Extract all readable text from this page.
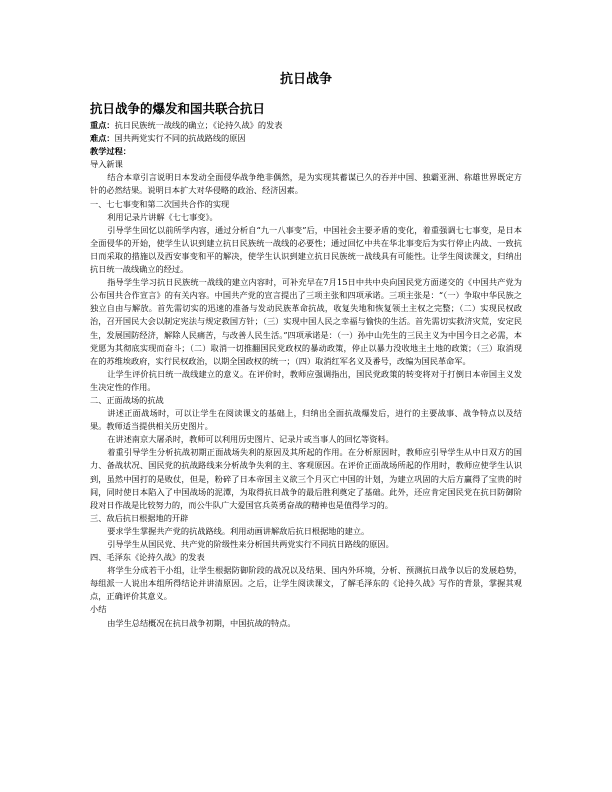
抗日战争
抗日战争的爆发和国共联合抗日

重点：抗日民族统一战线的确立；《论持久战》的发表

难点：国共两党实行不同的抗战路线的原因

教学过程：

导入新课

结合本章引言说明日本发动全面侵华战争绝非偶然，是为实现其蓄谋已久的吞并中国、独霸亚洲、称雄世界既定方针的必然结果。说明日本扩大对华侵略的政治、经济因素。

一、七七事变和第二次国共合作的实现

利用记录片讲解《七七事变》。

引导学生回忆以前所学内容，通过分析自“九一八事变”后，中国社会主要矛盾的变化，着重强调七七事变，是日本全面侵华的开始，使学生认识到建立抗日民族统一战线的必要性；通过回忆中共在华北事变后为实行停止内战、一致抗日而采取的措施以及西安事变和平的解决，使学生认识到建立抗日民族统一战线具有可能性。让学生阅读课文，归纳出抗日统一战线确立的经过。

指导学生学习抗日民族统一战线的建立内容时，可补充早在7月15日中共中央向国民党方面递交的《中国共产党为公布国共合作宣言》的有关内容。中国共产党的宣言提出了三项主张和四项承诺。三项主张是：“（一）争取中华民族之独立自由与解放。首先需切实的迅速的准备与发动民族革命抗战，收复失地和恢复领土主权之完整；（二）实现民权政治，召开国民大会以制定宪法与规定救国方针；（三）实现中国人民之幸福与愉快的生活。首先需切实救济灾荒，安定民生，发展国防经济，解除人民痛苦，与改善人民生活。”四项承诺是：（一）孙中山先生的三民主义为中国今日之必需，本党愿为其彻底实现而奋斗；（二）取消一切推翻国民党政权的暴动政策，停止以暴力没收地主土地的政策；（三）取消现在的苏维埃政府，实行民权政治，以期全国政权的统一；（四）取消红军名义及番号，改编为国民革命军。

让学生评价抗日统一战线建立的意义。在评价时，教师应强调指出，国民党政策的转变将对于打倒日本帝国主义发生决定性的作用。

二、正面战场的抗战

讲述正面战场时，可以让学生在阅读课文的基础上，归纳出全面抗战爆发后，进行的主要战事、战争特点以及结果。教师适当提供相关历史图片。

在讲述南京大屠杀时，教师可以利用历史图片、记录片或当事人的回忆等资料。

着重引导学生分析抗战初期正面战场失利的原因及其所起的作用。在分析原因时，教师应引导学生从中日双方的国力、备战状况、国民党的抗战路线来分析战争失利的主、客观原因。在评价正面战场所起的作用时，教师应使学生认识到，虽然中国打的是败仗，但是，粉碎了日本帝国主义欲三个月灭亡中国的计划，为建立巩固的大后方赢得了宝贵的时间，同时使日本陷入了中国战场的泥潭，为取得抗日战争的最后胜利奠定了基础。此外，还应肯定国民党在抗日防御阶段对日作战是比较努力的，而公牛队广大爱国官兵英勇奋战的精神也是值得学习的。

三、敌后抗日根据地的开辟

要求学生掌握共产党的抗战路线。利用动画讲解敌后抗日根据地的建立。

引导学生从国民党、共产党的阶级性来分析国共两党实行不同抗日路线的原因。

四、毛泽东《论持久战》的发表

将学生分成若干小组，让学生根据防御阶段的战况以及结果、国内外环境，分析、预测抗日战争以后的发展趋势，每组派一人说出本组所得结论并讲清原因。之后，让学生阅读课文，了解毛泽东的《论持久战》写作的背景，掌握其观点，正确评价其意义。

小结

由学生总结概况在抗日战争初期，中国抗战的特点。
